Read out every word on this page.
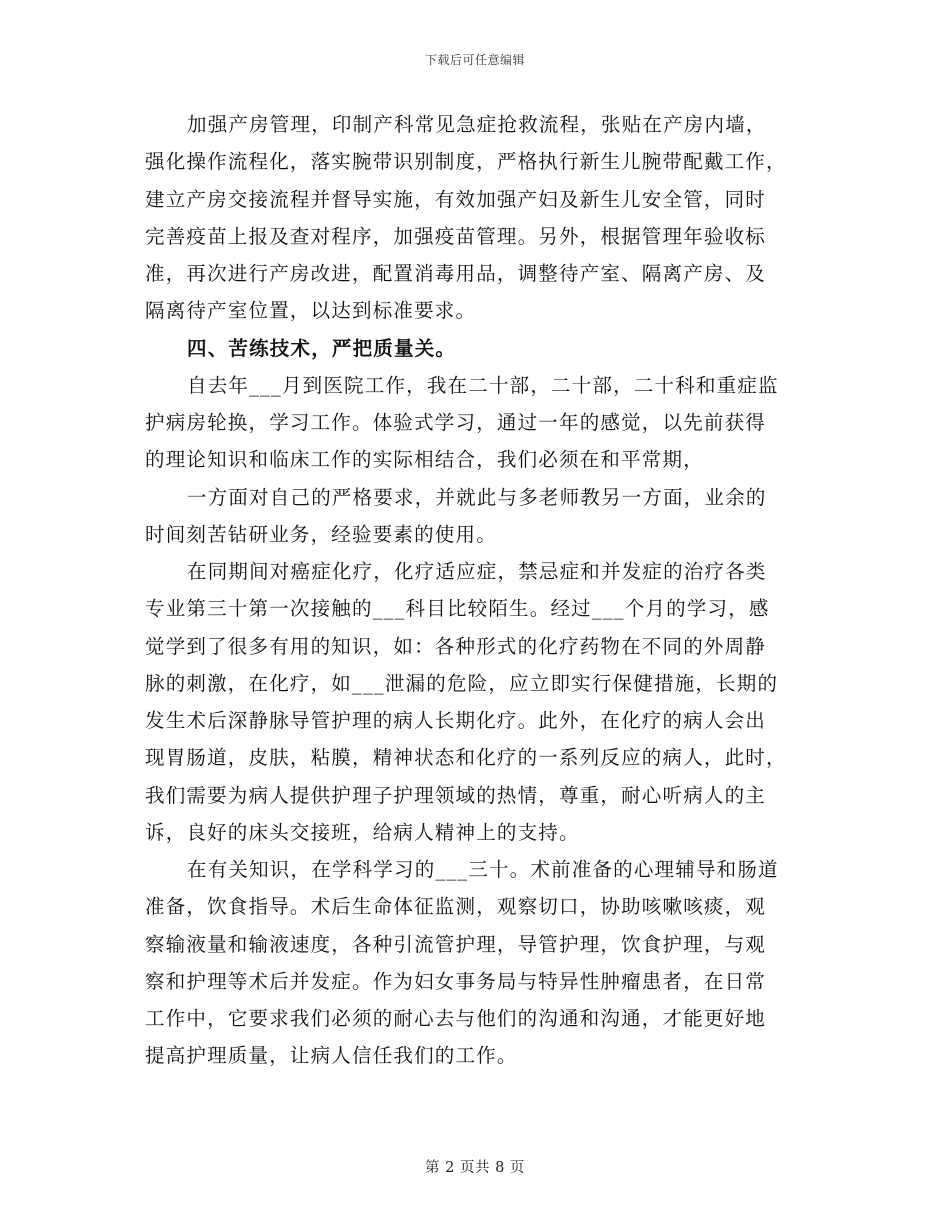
下载后可任意编辑
加强产房管理，印制产科常见急症抢救流程，张贴在产房内墙，
强化操作流程化，落实腕带识别制度，严格执行新生儿腕带配戴工作，
建立产房交接流程并督导实施，有效加强产妇及新生儿安全管，同时
完善疫苗上报及查对程序，加强疫苗管理。另外，根据管理年验收标
准，再次进行产房改进，配置消毒用品，调整待产室、隔离产房、及
隔离待产室位置，以达到标准要求。
四、苦练技术，严把质量关。
自去年___月到医院工作，我在二十部，二十部，二十科和重症监
护病房轮换，学习工作。体验式学习，通过一年的感觉，以先前获得
的理论知识和临床工作的实际相结合，我们必须在和平常期，
一方面对自己的严格要求，并就此与多老师教另一方面，业余的
时间刻苦钻研业务，经验要素的使用。
在同期间对癌症化疗，化疗适应症，禁忌症和并发症的治疗各类
专业第三十第一次接触的___科目比较陌生。经过___个月的学习，感
觉学到了很多有用的知识，如：各种形式的化疗药物在不同的外周静
脉的刺激，在化疗，如___泄漏的危险，应立即实行保健措施，长期的
发生术后深静脉导管护理的病人长期化疗。此外，在化疗的病人会出
现胃肠道，皮肤，粘膜，精神状态和化疗的一系列反应的病人，此时，
我们需要为病人提供护理子护理领域的热情，尊重，耐心听病人的主
诉，良好的床头交接班，给病人精神上的支持。
在有关知识，在学科学习的___三十。术前准备的心理辅导和肠道
准备，饮食指导。术后生命体征监测，观察切口，协助咳嗽咳痰，观
察输液量和输液速度，各种引流管护理，导管护理，饮食护理，与观
察和护理等术后并发症。作为妇女事务局与特异性肿瘤患者，在日常
工作中，它要求我们必须的耐心去与他们的沟通和沟通，才能更好地
提高护理质量，让病人信任我们的工作。
第 2 页共 8 页
